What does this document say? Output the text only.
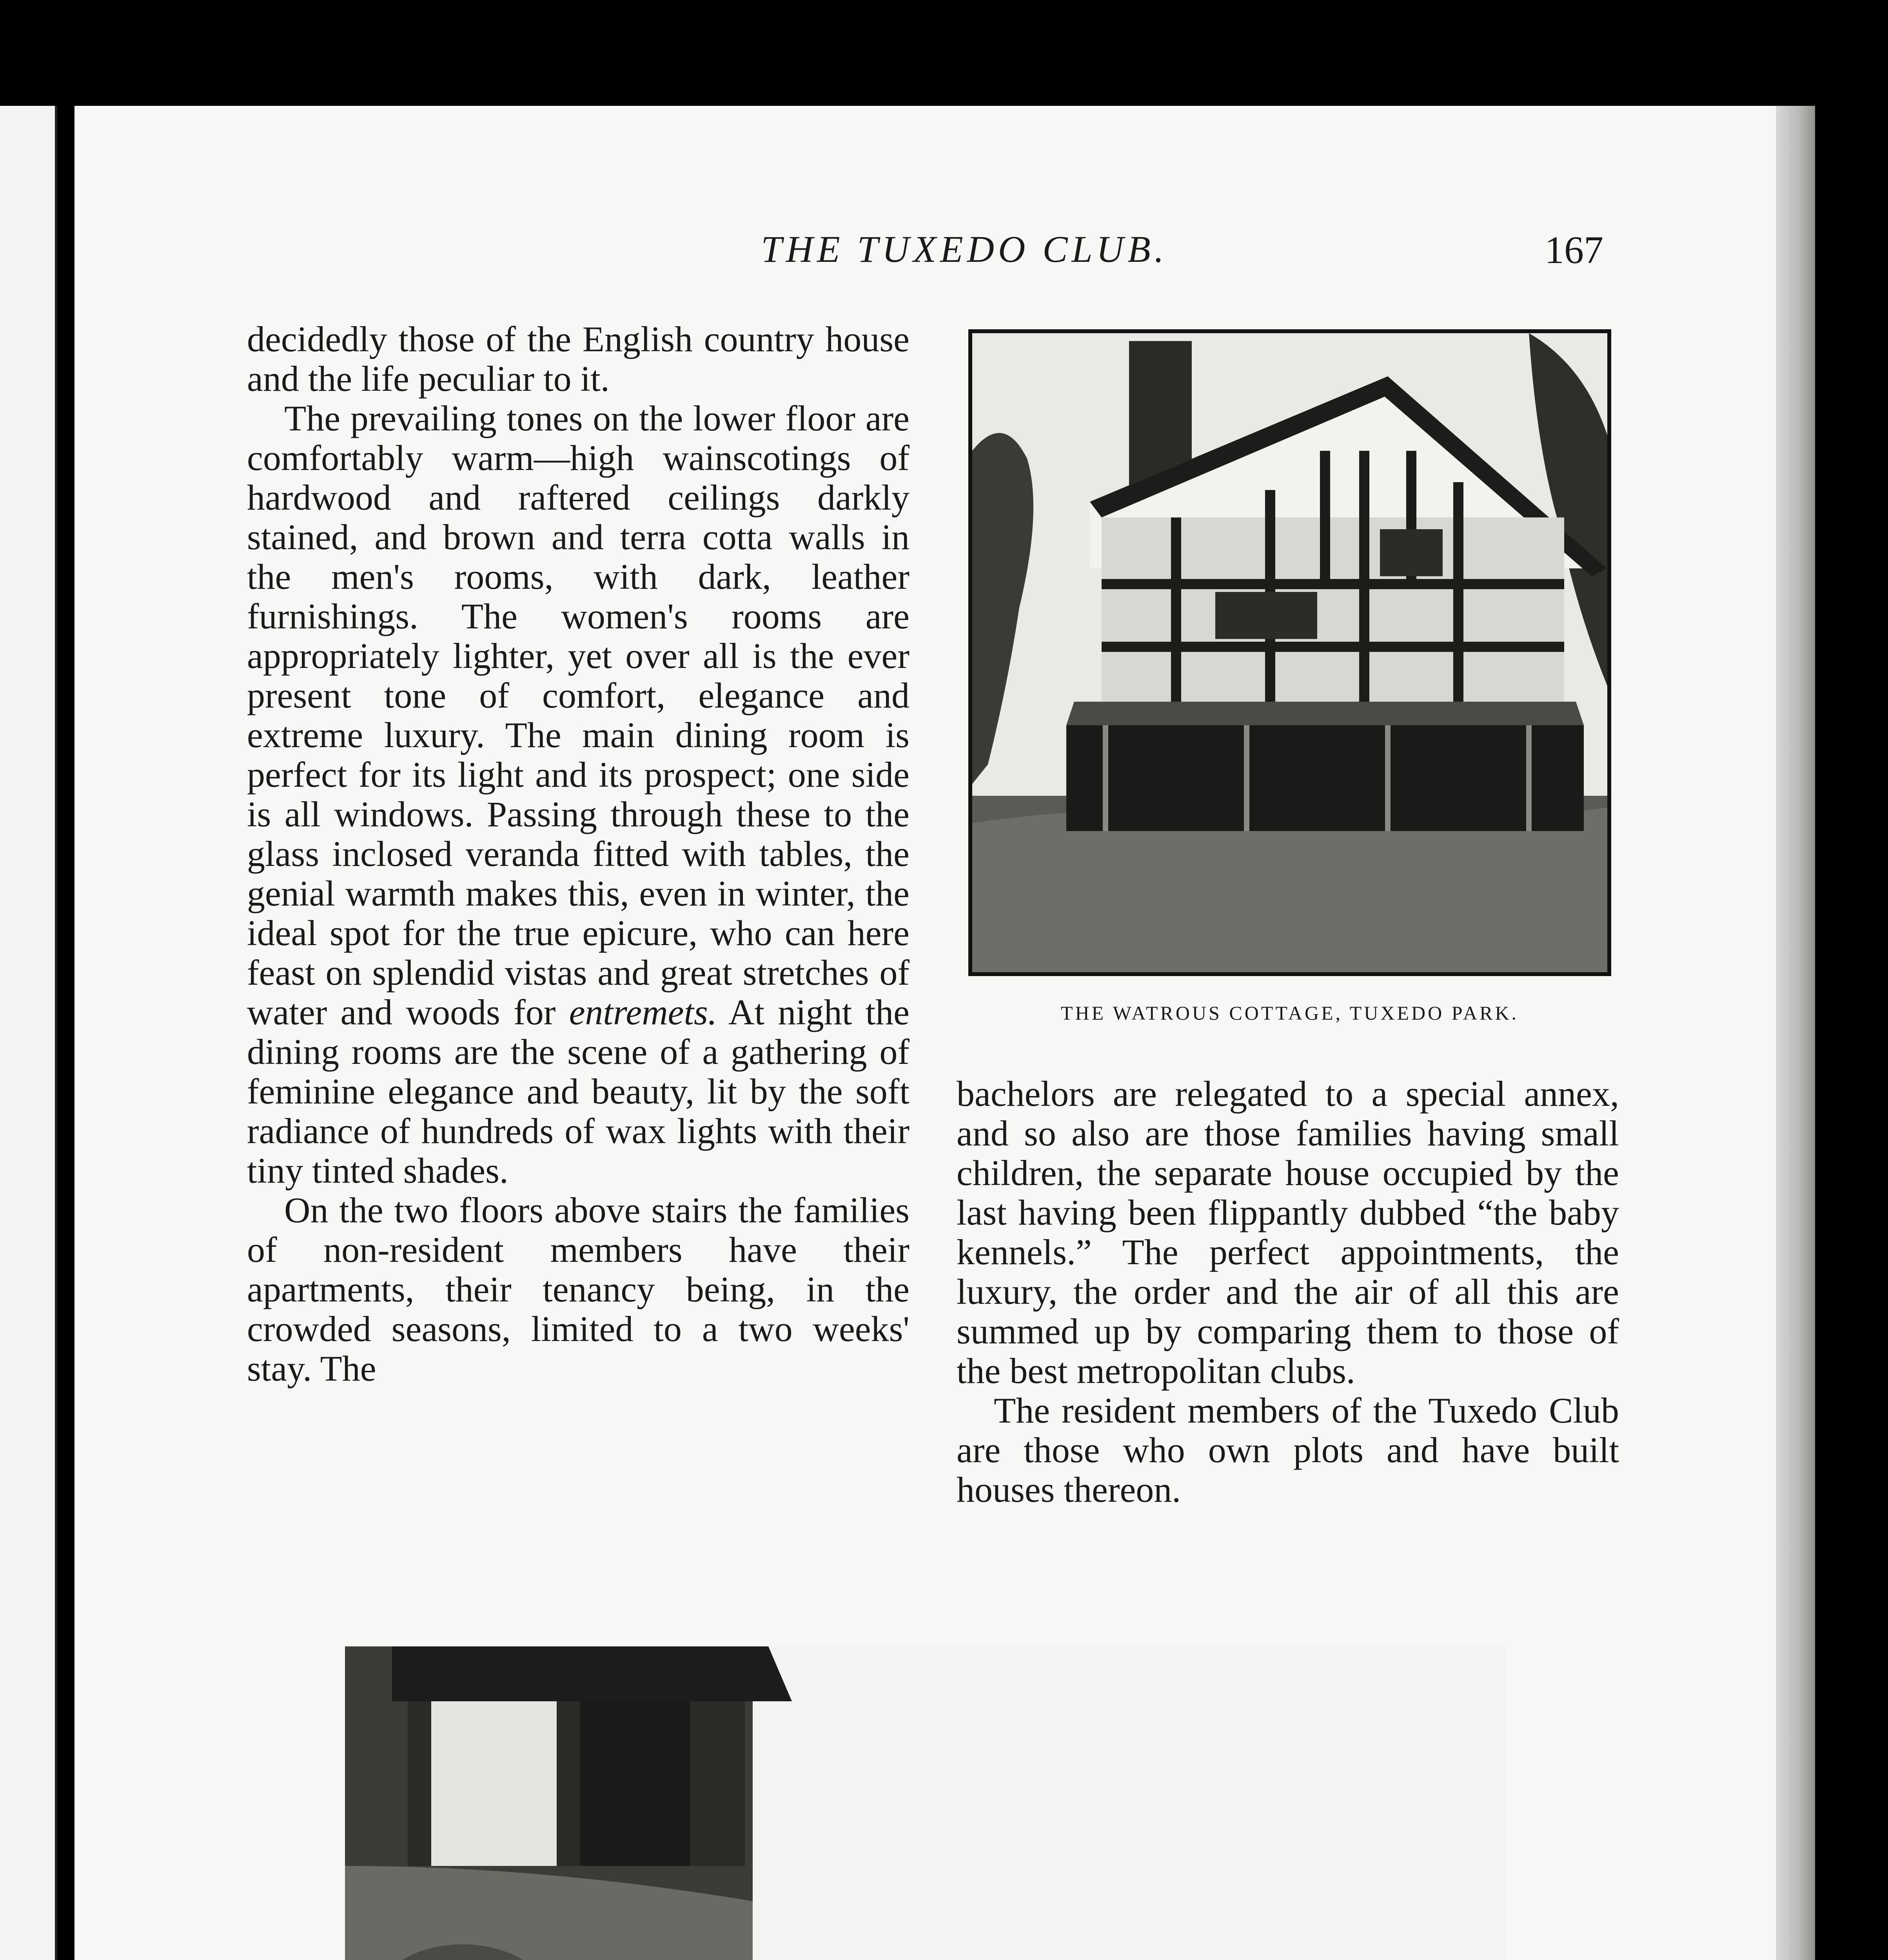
THE TUXEDO CLUB.	167

decidedly those of the English country house and the life peculiar to it.

The prevailing tones on the lower floor are comfortably warm—high wainscotings of hardwood and raftered ceilings darkly stained, and brown and terra cotta walls in the men's rooms, with dark, leather furnishings. The women's rooms are appropriately lighter, yet over all is the ever present tone of comfort, elegance and extreme luxury. The main dining room is perfect for its light and its prospect; one side is all windows. Passing through these to the glass inclosed veranda fitted with tables, the genial warmth makes this, even in winter, the ideal spot for the true epicure, who can here feast on splendid vistas and great stretches of water and woods for entremets. At night the dining rooms are the scene of a gathering of feminine elegance and beauty, lit by the soft radiance of hundreds of wax lights with their tiny tinted shades.

On the two floors above stairs the families of non-resident members have their apartments, their tenancy being, in the crowded seasons, limited to a two weeks' stay. The

THE WATROUS COTTAGE, TUXEDO PARK.

bachelors are relegated to a special annex, and so also are those families having small children, the separate house occupied by the last having been flippantly dubbed “the baby kennels.” The perfect appointments, the luxury, the order and the air of all this are summed up by comparing them to those of the best metropolitan clubs.

The resident members of the Tuxedo Club are those who own plots and have built houses thereon.
